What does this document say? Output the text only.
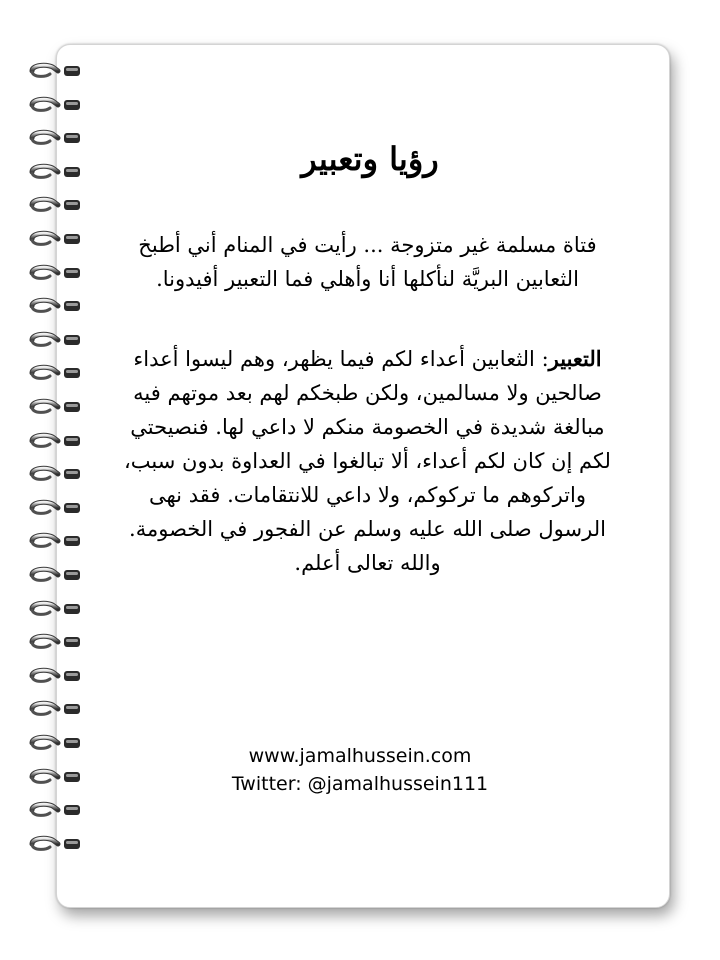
رؤيا وتعبير

فتاة مسلمة غير متزوجة ... رأيت في المنام أني أطبخ الثعابين البريَّة لنأكلها أنا وأهلي فما التعبير أفيدونا.

التعبير: الثعابين أعداء لكم فيما يظهر، وهم ليسوا أعداء صالحين ولا مسالمين، ولكن طبخكم لهم بعد موتهم فيه مبالغة شديدة في الخصومة منكم لا داعي لها. فنصيحتي لكم إن كان لكم أعداء، ألا تبالغوا في العداوة بدون سبب، واتركوهم ما تركوكم، ولا داعي للانتقامات. فقد نهى الرسول صلى الله عليه وسلم عن الفجور في الخصومة. والله تعالى أعلم.

www.jamalhussein.com
Twitter: @jamalhussein111
